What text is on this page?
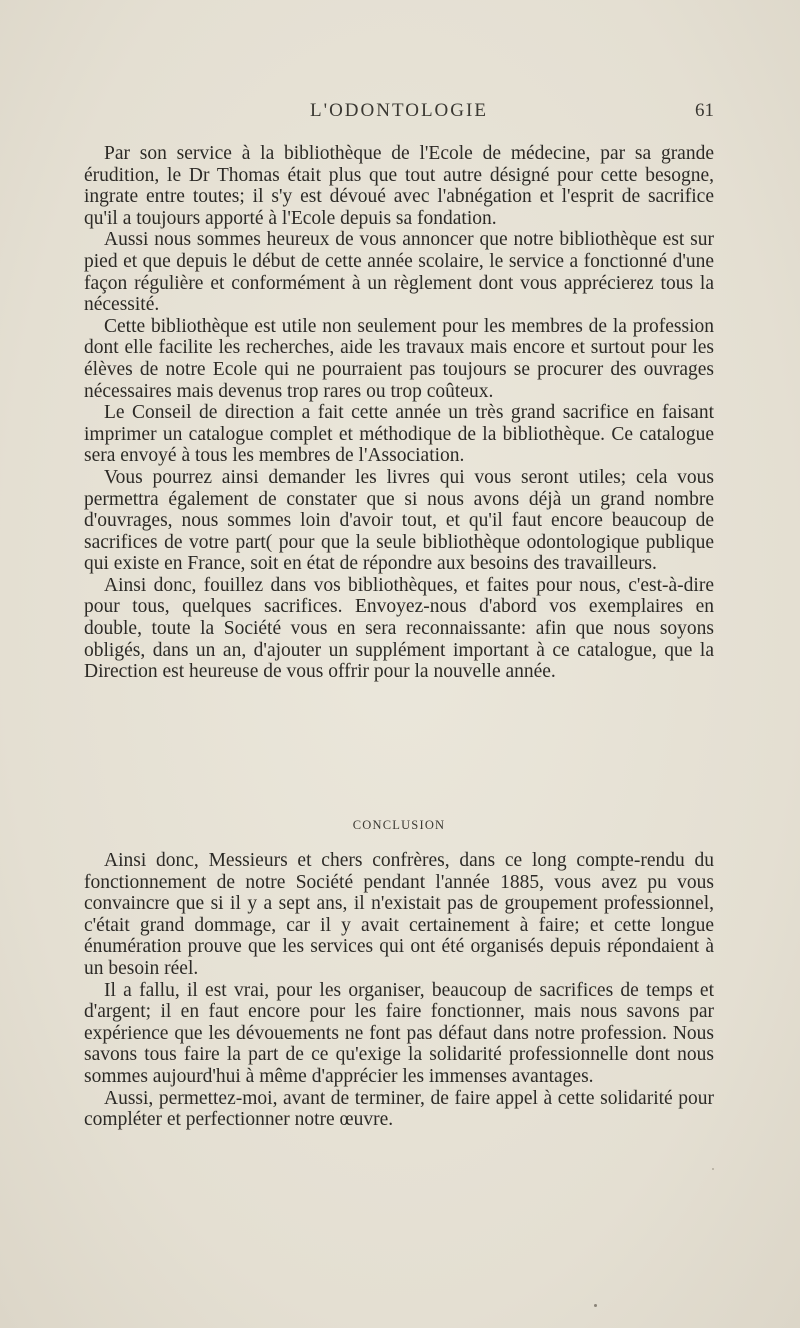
L'ODONTOLOGIE	61

Par son service à la bibliothèque de l'Ecole de médecine, par sa grande érudition, le Dr Thomas était plus que tout autre désigné pour cette besogne, ingrate entre toutes; il s'y est dévoué avec l'abnégation et l'esprit de sacrifice qu'il a toujours apporté à l'Ecole depuis sa fondation.

Aussi nous sommes heureux de vous annoncer que notre bibliothèque est sur pied et que depuis le début de cette année scolaire, le service a fonctionné d'une façon régulière et conformément à un règlement dont vous apprécierez tous la nécessité.

Cette bibliothèque est utile non seulement pour les membres de la profession dont elle facilite les recherches, aide les travaux mais encore et surtout pour les élèves de notre Ecole qui ne pourraient pas toujours se procurer des ouvrages nécessaires mais devenus trop rares ou trop coûteux.

Le Conseil de direction a fait cette année un très grand sacrifice en faisant imprimer un catalogue complet et méthodique de la bibliothèque. Ce catalogue sera envoyé à tous les membres de l'Association.

Vous pourrez ainsi demander les livres qui vous seront utiles; cela vous permettra également de constater que si nous avons déjà un grand nombre d'ouvrages, nous sommes loin d'avoir tout, et qu'il faut encore beaucoup de sacrifices de votre part( pour que la seule bibliothèque odontologique publique qui existe en France, soit en état de répondre aux besoins des travailleurs.

Ainsi donc, fouillez dans vos bibliothèques, et faites pour nous, c'est-à-dire pour tous, quelques sacrifices. Envoyez-nous d'abord vos exemplaires en double, toute la Société vous en sera reconnaissante: afin que nous soyons obligés, dans un an, d'ajouter un supplément important à ce catalogue, que la Direction est heureuse de vous offrir pour la nouvelle année.

CONCLUSION

Ainsi donc, Messieurs et chers confrères, dans ce long compte-rendu du fonctionnement de notre Société pendant l'année 1885, vous avez pu vous convaincre que si il y a sept ans, il n'existait pas de groupement professionnel, c'était grand dommage, car il y avait certainement à faire; et cette longue énumération prouve que les services qui ont été organisés depuis répondaient à un besoin réel.

Il a fallu, il est vrai, pour les organiser, beaucoup de sacrifices de temps et d'argent; il en faut encore pour les faire fonctionner, mais nous savons par expérience que les dévouements ne font pas défaut dans notre profession. Nous savons tous faire la part de ce qu'exige la solidarité professionnelle dont nous sommes aujourd'hui à même d'apprécier les immenses avantages.

Aussi, permettez-moi, avant de terminer, de faire appel à cette solidarité pour compléter et perfectionner notre œuvre.
